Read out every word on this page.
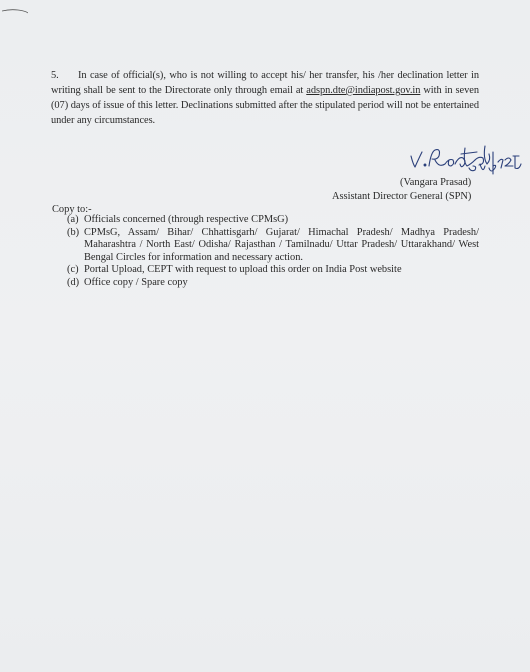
5. In case of official(s), who is not willing to accept his/ her transfer, his /her declination letter in writing shall be sent to the Directorate only through email at adspn.dte@indiapost.gov.in with in seven (07) days of issue of this letter. Declinations submitted after the stipulated period will not be entertained under any circumstances.
(Vangara Prasad)
Assistant Director General (SPN)
Copy to:-
(a) Officials concerned (through respective CPMsG)
(b) CPMsG, Assam/ Bihar/ Chhattisgarh/ Gujarat/ Himachal Pradesh/ Madhya Pradesh/ Maharashtra / North East/ Odisha/ Rajasthan / Tamilnadu/ Uttar Pradesh/ Uttarakhand/ West Bengal Circles for information and necessary action.
(c) Portal Upload, CEPT with request to upload this order on India Post website
(d) Office copy / Spare copy
